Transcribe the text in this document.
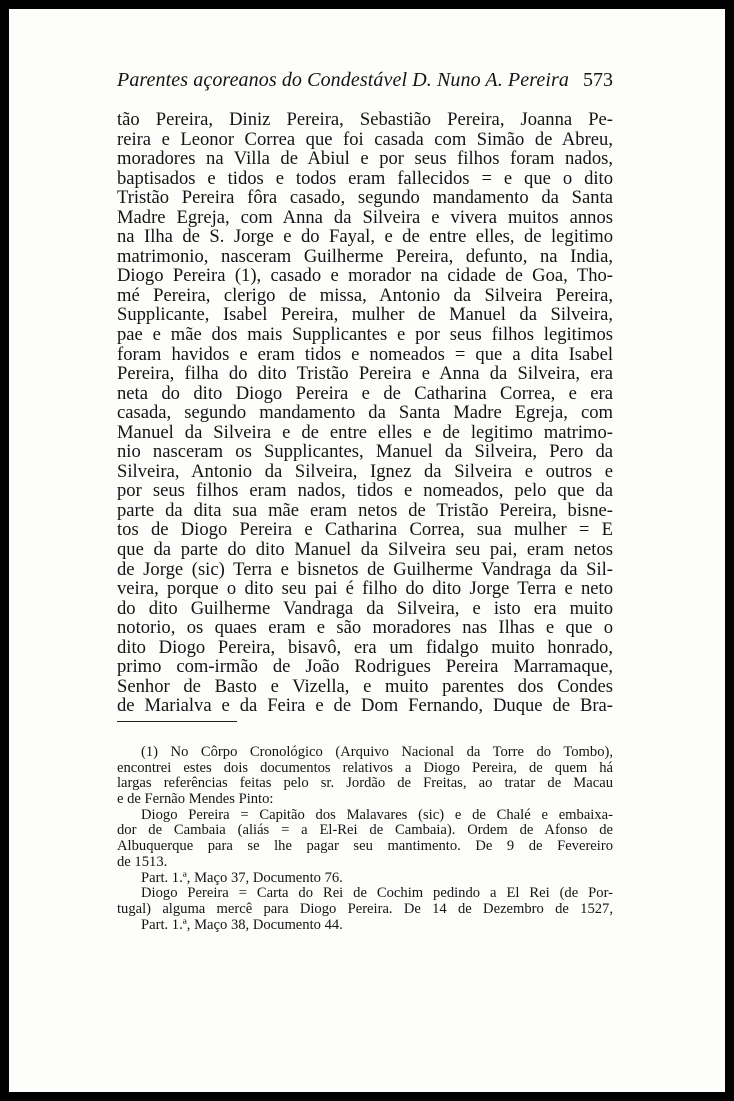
Parentes açoreanos do Condestável D. Nuno A. Pereira 573
tão Pereira, Diniz Pereira, Sebastião Pereira, Joanna Pe-
reira e Leonor Correa que foi casada com Simão de Abreu,
moradores na Villa de Abiul e por seus filhos foram nados,
baptisados e tidos e todos eram fallecidos = e que o dito
Tristão Pereira fôra casado, segundo mandamento da Santa
Madre Egreja, com Anna da Silveira e vivera muitos annos
na Ilha de S. Jorge e do Fayal, e de entre elles, de legitimo
matrimonio, nasceram Guilherme Pereira, defunto, na India,
Diogo Pereira (1), casado e morador na cidade de Goa, Tho-
mé Pereira, clerigo de missa, Antonio da Silveira Pereira,
Supplicante, Isabel Pereira, mulher de Manuel da Silveira,
pae e mãe dos mais Supplicantes e por seus filhos legitimos
foram havidos e eram tidos e nomeados = que a dita Isabel
Pereira, filha do dito Tristão Pereira e Anna da Silveira, era
neta do dito Diogo Pereira e de Catharina Correa, e era
casada, segundo mandamento da Santa Madre Egreja, com
Manuel da Silveira e de entre elles e de legitimo matrimo-
nio nasceram os Supplicantes, Manuel da Silveira, Pero da
Silveira, Antonio da Silveira, Ignez da Silveira e outros e
por seus filhos eram nados, tidos e nomeados, pelo que da
parte da dita sua mãe eram netos de Tristão Pereira, bisne-
tos de Diogo Pereira e Catharina Correa, sua mulher = E
que da parte do dito Manuel da Silveira seu pai, eram netos
de Jorge (sic) Terra e bisnetos de Guilherme Vandraga da Sil-
veira, porque o dito seu pai é filho do dito Jorge Terra e neto
do dito Guilherme Vandraga da Silveira, e isto era muito
notorio, os quaes eram e são moradores nas Ilhas e que o
dito Diogo Pereira, bisavô, era um fidalgo muito honrado,
primo com-irmão de João Rodrigues Pereira Marramaque,
Senhor de Basto e Vizella, e muito parentes dos Condes
de Marialva e da Feira e de Dom Fernando, Duque de Bra-
(1) No Côrpo Cronológico (Arquivo Nacional da Torre do Tombo),
encontrei estes dois documentos relativos a Diogo Pereira, de quem há
largas referências feitas pelo sr. Jordão de Freitas, ao tratar de Macau
e de Fernão Mendes Pinto:
Diogo Pereira = Capitão dos Malavares (sic) e de Chalé e embaixa-
dor de Cambaia (aliás = a El-Rei de Cambaia). Ordem de Afonso de
Albuquerque para se lhe pagar seu mantimento. De 9 de Fevereiro
de 1513.
Part. 1.ª, Maço 37, Documento 76.
Diogo Pereira = Carta do Rei de Cochim pedindo a El Rei (de Por-
tugal) alguma mercê para Diogo Pereira. De 14 de Dezembro de 1527,
Part. 1.ª, Maço 38, Documento 44.
